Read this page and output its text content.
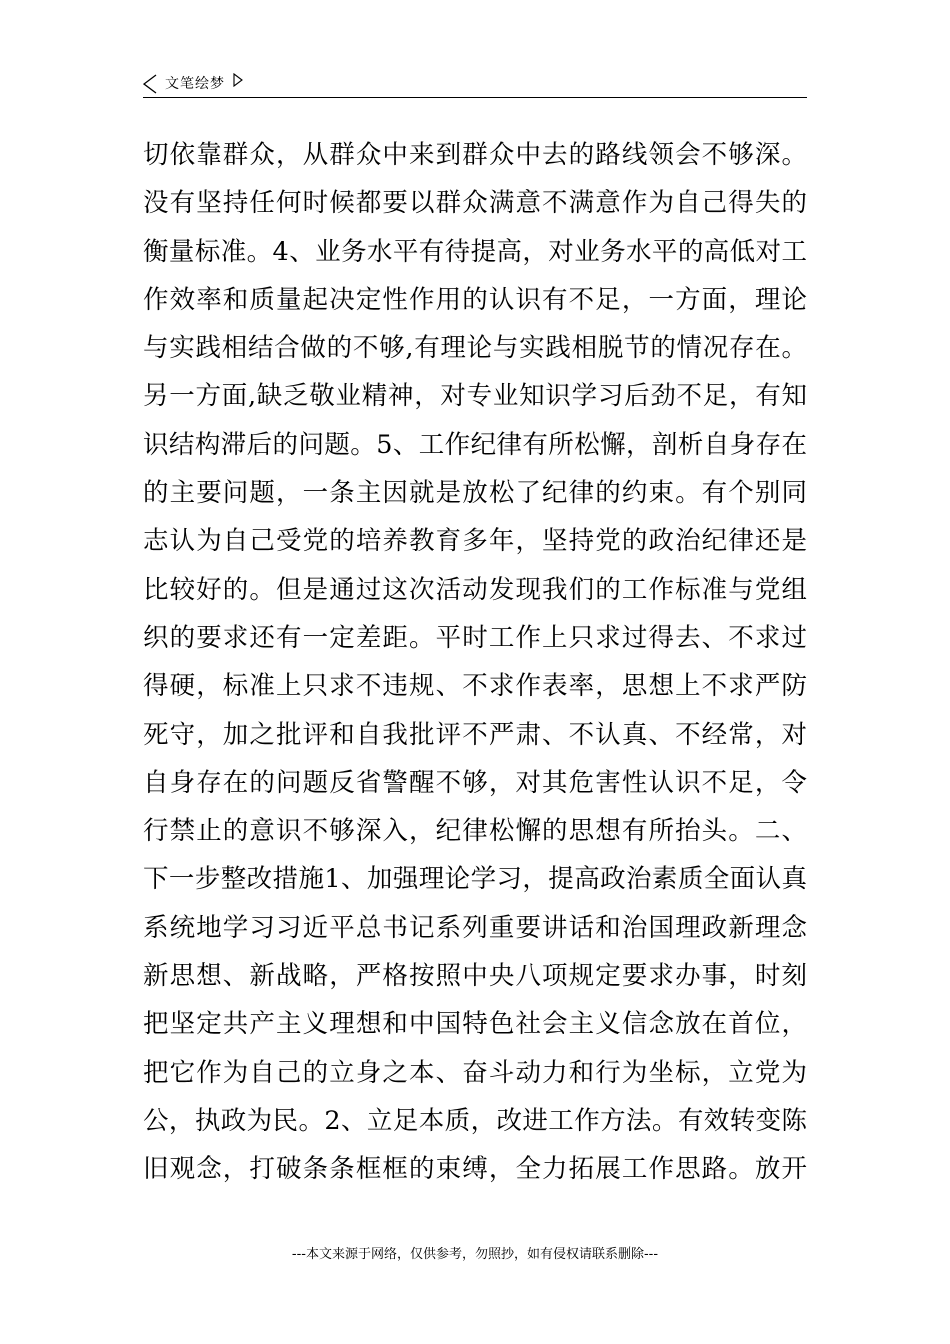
文笔绘梦
切依靠群众，从群众中来到群众中去的路线领会不够深。
没有坚持任何时候都要以群众满意不满意作为自己得失的
衡量标准。4、业务水平有待提高，对业务水平的高低对工
作效率和质量起决定性作用的认识有不足，一方面，理论
与实践相结合做的不够,有理论与实践相脱节的情况存在。
另一方面,缺乏敬业精神，对专业知识学习后劲不足，有知
识结构滞后的问题。5、工作纪律有所松懈，剖析自身存在
的主要问题，一条主因就是放松了纪律的约束。有个别同
志认为自己受党的培养教育多年，坚持党的政治纪律还是
比较好的。但是通过这次活动发现我们的工作标准与党组
织的要求还有一定差距。平时工作上只求过得去、不求过
得硬，标准上只求不违规、不求作表率，思想上不求严防
死守，加之批评和自我批评不严肃、不认真、不经常，对
自身存在的问题反省警醒不够，对其危害性认识不足，令
行禁止的意识不够深入，纪律松懈的思想有所抬头。二、
下一步整改措施1、加强理论学习，提高政治素质全面认真
系统地学习习近平总书记系列重要讲话和治国理政新理念
新思想、新战略，严格按照中央八项规定要求办事，时刻
把坚定共产主义理想和中国特色社会主义信念放在首位，
把它作为自己的立身之本、奋斗动力和行为坐标，立党为
公，执政为民。2、立足本质，改进工作方法。有效转变陈
旧观念，打破条条框框的束缚，全力拓展工作思路。放开
---本文来源于网络，仅供参考，勿照抄，如有侵权请联系删除---
